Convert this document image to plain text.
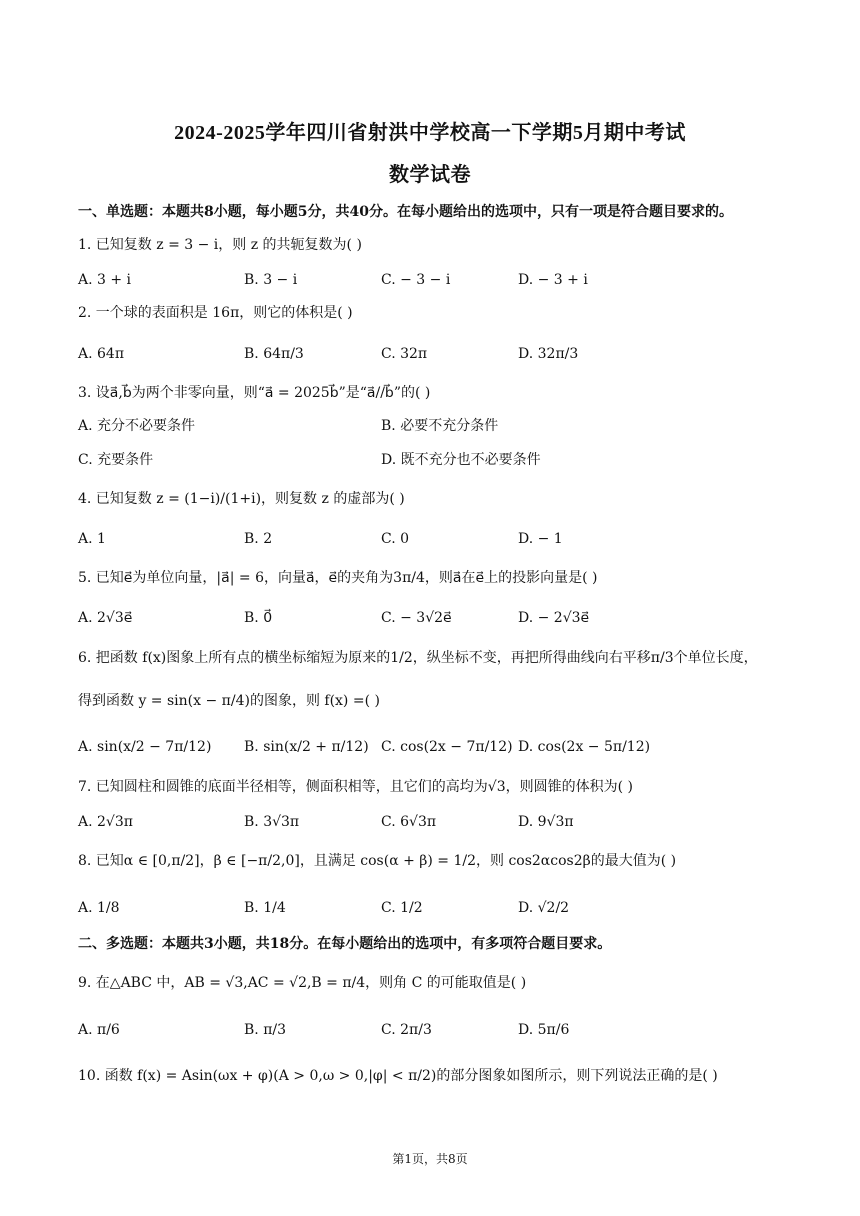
2024-2025学年四川省射洪中学校高一下学期5月期中考试
数学试卷
一、单选题：本题共8小题，每小题5分，共40分。在每小题给出的选项中，只有一项是符合题目要求的。
1. 已知复数 z = 3 − i，则 z 的共轭复数为( )
A. 3 + i	B. 3 − i	C. − 3 − i	D. − 3 + i
2. 一个球的表面积是 16π，则它的体积是( )
A. 64π	B. 64π/3	C. 32π	D. 32π/3
3. 设a⃗,b⃗为两个非零向量，则“a⃗ = 2025b⃗”是“a⃗//b⃗”的( )
A. 充分不必要条件	B. 必要不充分条件
C. 充要条件	D. 既不充分也不必要条件
4. 已知复数 z = (1−i)/(1+i)，则复数 z 的虚部为( )
A. 1	B. 2	C. 0	D. − 1
5. 已知e⃗为单位向量，|a⃗| = 6，向量a⃗，e⃗的夹角为3π/4，则a⃗在e⃗上的投影向量是( )
A. 2√3e⃗	B. 0⃗	C. − 3√2e⃗	D. − 2√3e⃗
6. 把函数 f(x)图象上所有点的横坐标缩短为原来的1/2，纵坐标不变，再把所得曲线向右平移π/3个单位长度，
得到函数 y = sin(x − π/4)的图象，则 f(x) =( )
A. sin(x/2 − 7π/12) B. sin(x/2 + π/12) C. cos(2x − 7π/12) D. cos(2x − 5π/12)
7. 已知圆柱和圆锥的底面半径相等，侧面积相等，且它们的高均为√3，则圆锥的体积为( )
A. 2√3π	B. 3√3π	C. 6√3π	D. 9√3π
8. 已知α ∈ [0,π/2]，β ∈ [−π/2,0]，且满足 cos(α + β) = 1/2，则 cos2αcos2β的最大值为( )
A. 1/8	B. 1/4	C. 1/2	D. √2/2
二、多选题：本题共3小题，共18分。在每小题给出的选项中，有多项符合题目要求。
9. 在△ABC 中，AB = √3,AC = √2,B = π/4，则角 C 的可能取值是( )
A. π/6	B. π/3	C. 2π/3	D. 5π/6
10. 函数 f(x) = Asin(ωx + φ)(A > 0,ω > 0,|φ| < π/2)的部分图象如图所示，则下列说法正确的是( )
第1页，共8页
